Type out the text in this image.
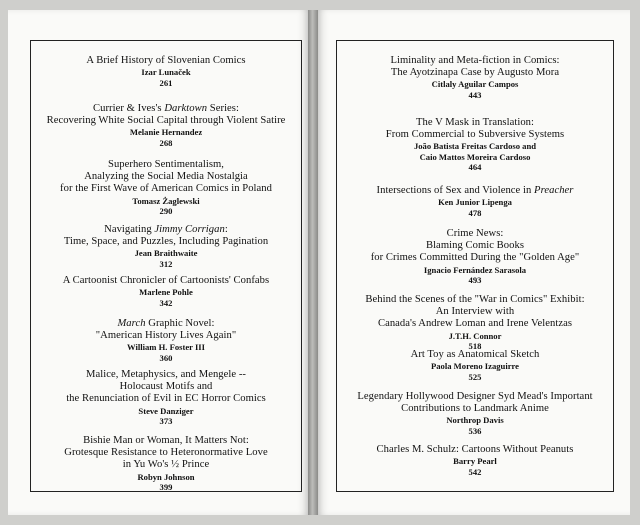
A Brief History of Slovenian Comics
Izar Lunaček
261
Currier & Ives's Darktown Series:
Recovering White Social Capital through Violent Satire
Melanie Hernandez
268
Superhero Sentimentalism,
Analyzing the Social Media Nostalgia
for the First Wave of American Comics in Poland
Tomasz Żaglewski
290
Navigating Jimmy Corrigan:
Time, Space, and Puzzles, Including Pagination
Jean Braithwaite
312
A Cartoonist Chronicler of Cartoonists' Confabs
Marlene Pohle
342
March Graphic Novel:
"American History Lives Again"
William H. Foster III
360
Malice, Metaphysics, and Mengele --
Holocaust Motifs and
the Renunciation of Evil in EC Horror Comics
Steve Danziger
373
Bishie Man or Woman, It Matters Not:
Grotesque Resistance to Heteronormative Love
in Yu Wo's ½ Prince
Robyn Johnson
399
Liminality and Meta-fiction in Comics:
The Ayotzinapa Case by Augusto Mora
Citlaly Aguilar Campos
443
The V Mask in Translation:
From Commercial to Subversive Systems
João Batista Freitas Cardoso and
Caio Mattos Moreira Cardoso
464
Intersections of Sex and Violence in Preacher
Ken Junior Lipenga
478
Crime News:
Blaming Comic Books
for Crimes Committed During the "Golden Age"
Ignacio Fernández Sarasola
493
Behind the Scenes of the "War in Comics" Exhibit:
An Interview with
Canada's Andrew Loman and Irene Velentzas
J.T.H. Connor
518
Art Toy as Anatomical Sketch
Paola Moreno Izaguirre
525
Legendary Hollywood Designer Syd Mead's Important
Contributions to Landmark Anime
Northrop Davis
536
Charles M. Schulz: Cartoons Without Peanuts
Barry Pearl
542
